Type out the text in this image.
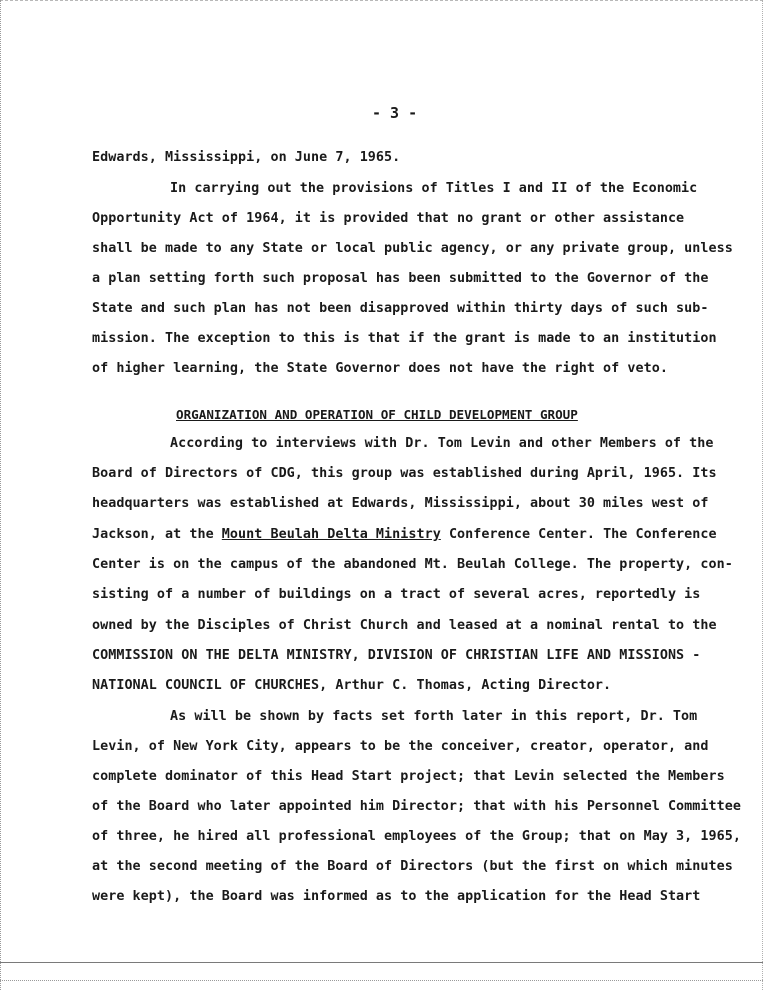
- 3 -
Edwards, Mississippi, on June 7, 1965.
In carrying out the provisions of Titles I and II of the Economic
Opportunity Act of 1964, it is provided that no grant or other assistance
shall be made to any State or local public agency, or any private group, unless
a plan setting forth such proposal has been submitted to the Governor of the
State and such plan has not been disapproved within thirty days of such sub-
mission. The exception to this is that if the grant is made to an institution
of higher learning, the State Governor does not have the right of veto.
ORGANIZATION AND OPERATION OF CHILD DEVELOPMENT GROUP
According to interviews with Dr. Tom Levin and other Members of the
Board of Directors of CDG, this group was established during April, 1965. Its
headquarters was established at Edwards, Mississippi, about 30 miles west of
Jackson, at the Mount Beulah Delta Ministry Conference Center. The Conference
Center is on the campus of the abandoned Mt. Beulah College. The property, con-
sisting of a number of buildings on a tract of several acres, reportedly is
owned by the Disciples of Christ Church and leased at a nominal rental to the
COMMISSION ON THE DELTA MINISTRY, DIVISION OF CHRISTIAN LIFE AND MISSIONS -
NATIONAL COUNCIL OF CHURCHES, Arthur C. Thomas, Acting Director.
As will be shown by facts set forth later in this report, Dr. Tom
Levin, of New York City, appears to be the conceiver, creator, operator, and
complete dominator of this Head Start project; that Levin selected the Members
of the Board who later appointed him Director; that with his Personnel Committee
of three, he hired all professional employees of the Group; that on May 3, 1965,
at the second meeting of the Board of Directors (but the first on which minutes
were kept), the Board was informed as to the application for the Head Start
